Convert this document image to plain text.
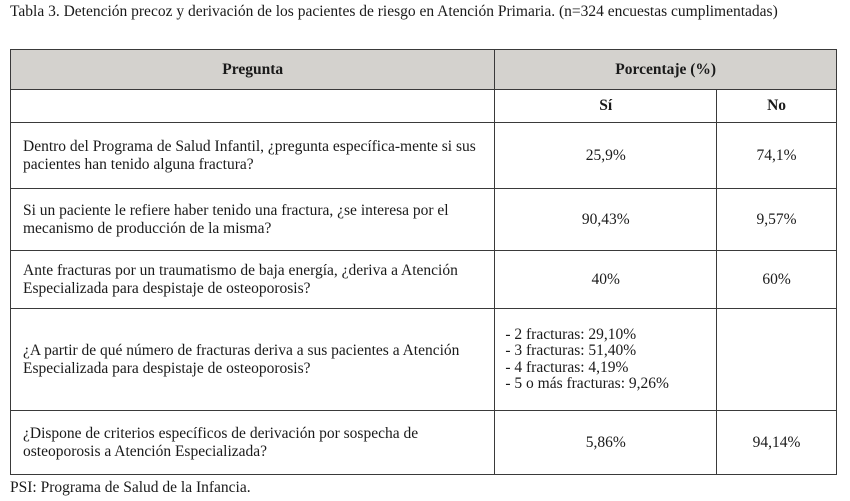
Tabla 3. Detención precoz y derivación de los pacientes de riesgo en Atención Primaria. (n=324 encuestas cumplimentadas)
Pregunta	Porcentaje (%)	
	Sí	No
Dentro del Programa de Salud Infantil, ¿pregunta específica-mente si sus pacientes han tenido alguna fractura?	25,9%	74,1%
Si un paciente le refiere haber tenido una fractura, ¿se interesa por el mecanismo de producción de la misma?	90,43%	9,57%
Ante fracturas por un traumatismo de baja energía, ¿deriva a Atención Especializada para despistaje de osteoporosis?	40%	60%
¿A partir de qué número de fracturas deriva a sus pacientes a Atención Especializada para despistaje de osteoporosis?	- 2 fracturas: 29,10%
- 3 fracturas: 51,40%
- 4 fracturas: 4,19%
- 5 o más fracturas: 9,26%	

¿Dispone de criterios específicos de derivación por sospecha de osteoporosis a Atención Especializada?	5,86%	94,14%
PSI: Programa de Salud de la Infancia.
